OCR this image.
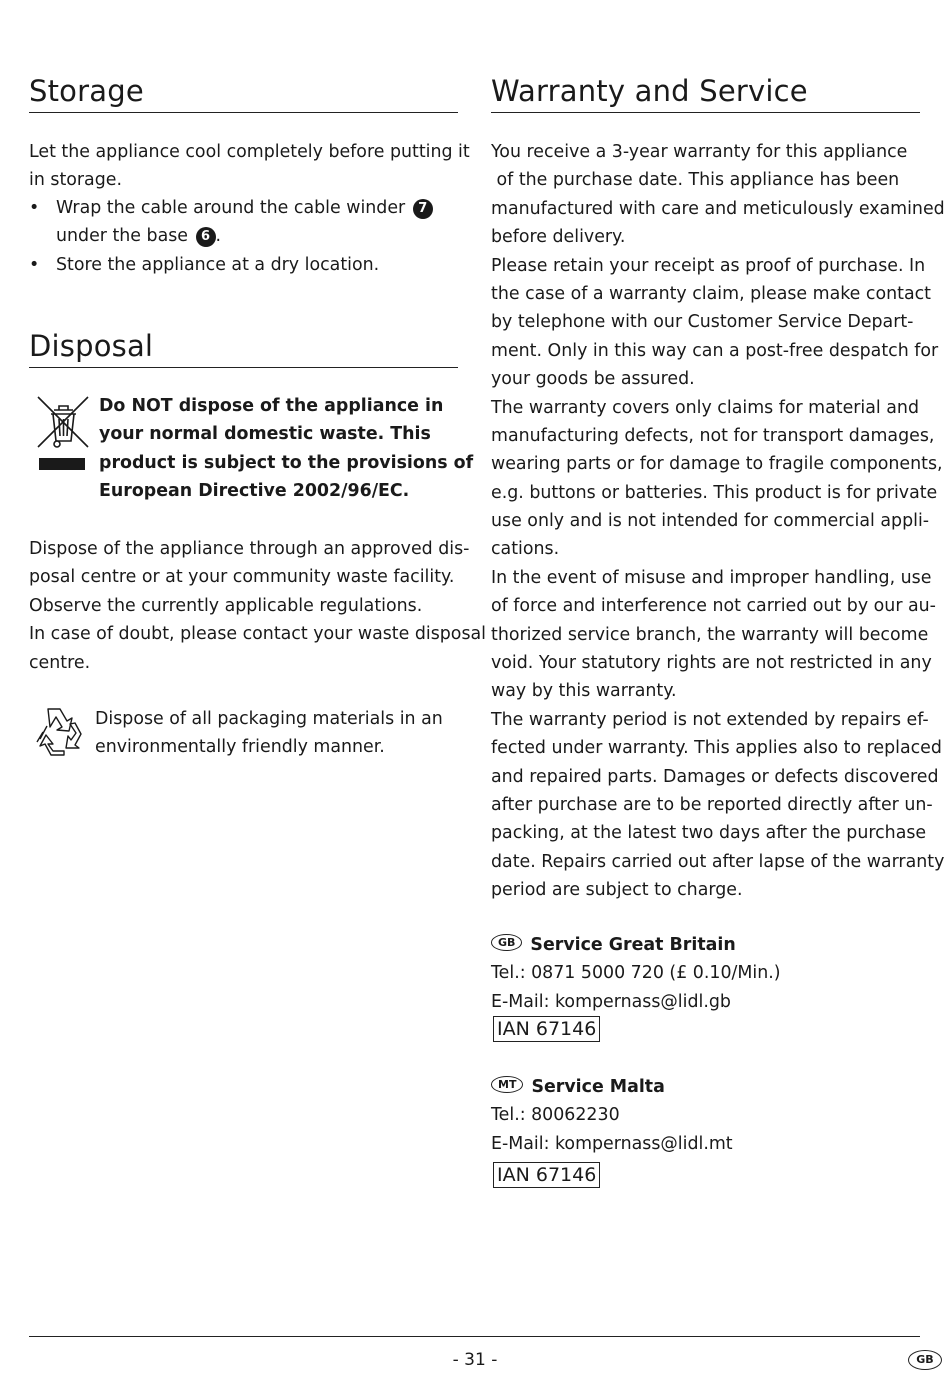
Storage
Let the appliance cool completely before putting it
in storage.
• Wrap the cable around the cable winder 7
under the base 6 .
• Store the appliance at a dry location.
Disposal
Do NOT dispose of the appliance in
your normal domestic waste. This
product is subject to the provisions of
European Directive 2002/96/EC.
Dispose of the appliance through an approved dis-
posal centre or at your community waste facility.
Observe the currently applicable regulations.
In case of doubt, please contact your waste disposal
centre.
Dispose of all packaging materials in an
environmentally friendly manner.
Warranty and Service
You receive a 3-year warranty for this appliance
of the purchase date. This appliance has been
manufactured with care and meticulously examined
before delivery.
Please retain your receipt as proof of purchase. In
the case of a warranty claim, please make contact
by telephone with our Customer Service Depart-
ment. Only in this way can a post-free despatch for
your goods be assured.
The warranty covers only claims for material and
manufacturing defects, not for transport damages,
wearing parts or for damage to fragile components,
e.g. buttons or batteries. This product is for private
use only and is not intended for commercial appli-
cations.
In the event of misuse and improper handling, use
of force and interference not carried out by our au-
thorized service branch, the warranty will become
void. Your statutory rights are not restricted in any
way by this warranty.
The warranty period is not extended by repairs ef-
fected under warranty. This applies also to replaced
and repaired parts. Damages or defects discovered
after purchase are to be reported directly after un-
packing, at the latest two days after the purchase
date. Repairs carried out after lapse of the warranty
period are subject to charge.
GB Service Great Britain
Tel.: 0871 5000 720 (£ 0.10/Min.)
E-Mail: kompernass@lidl.gb
IAN 67146
MT Service Malta
Tel.: 80062230
E-Mail: kompernass@lidl.mt
IAN 67146
- 31 -	GB
